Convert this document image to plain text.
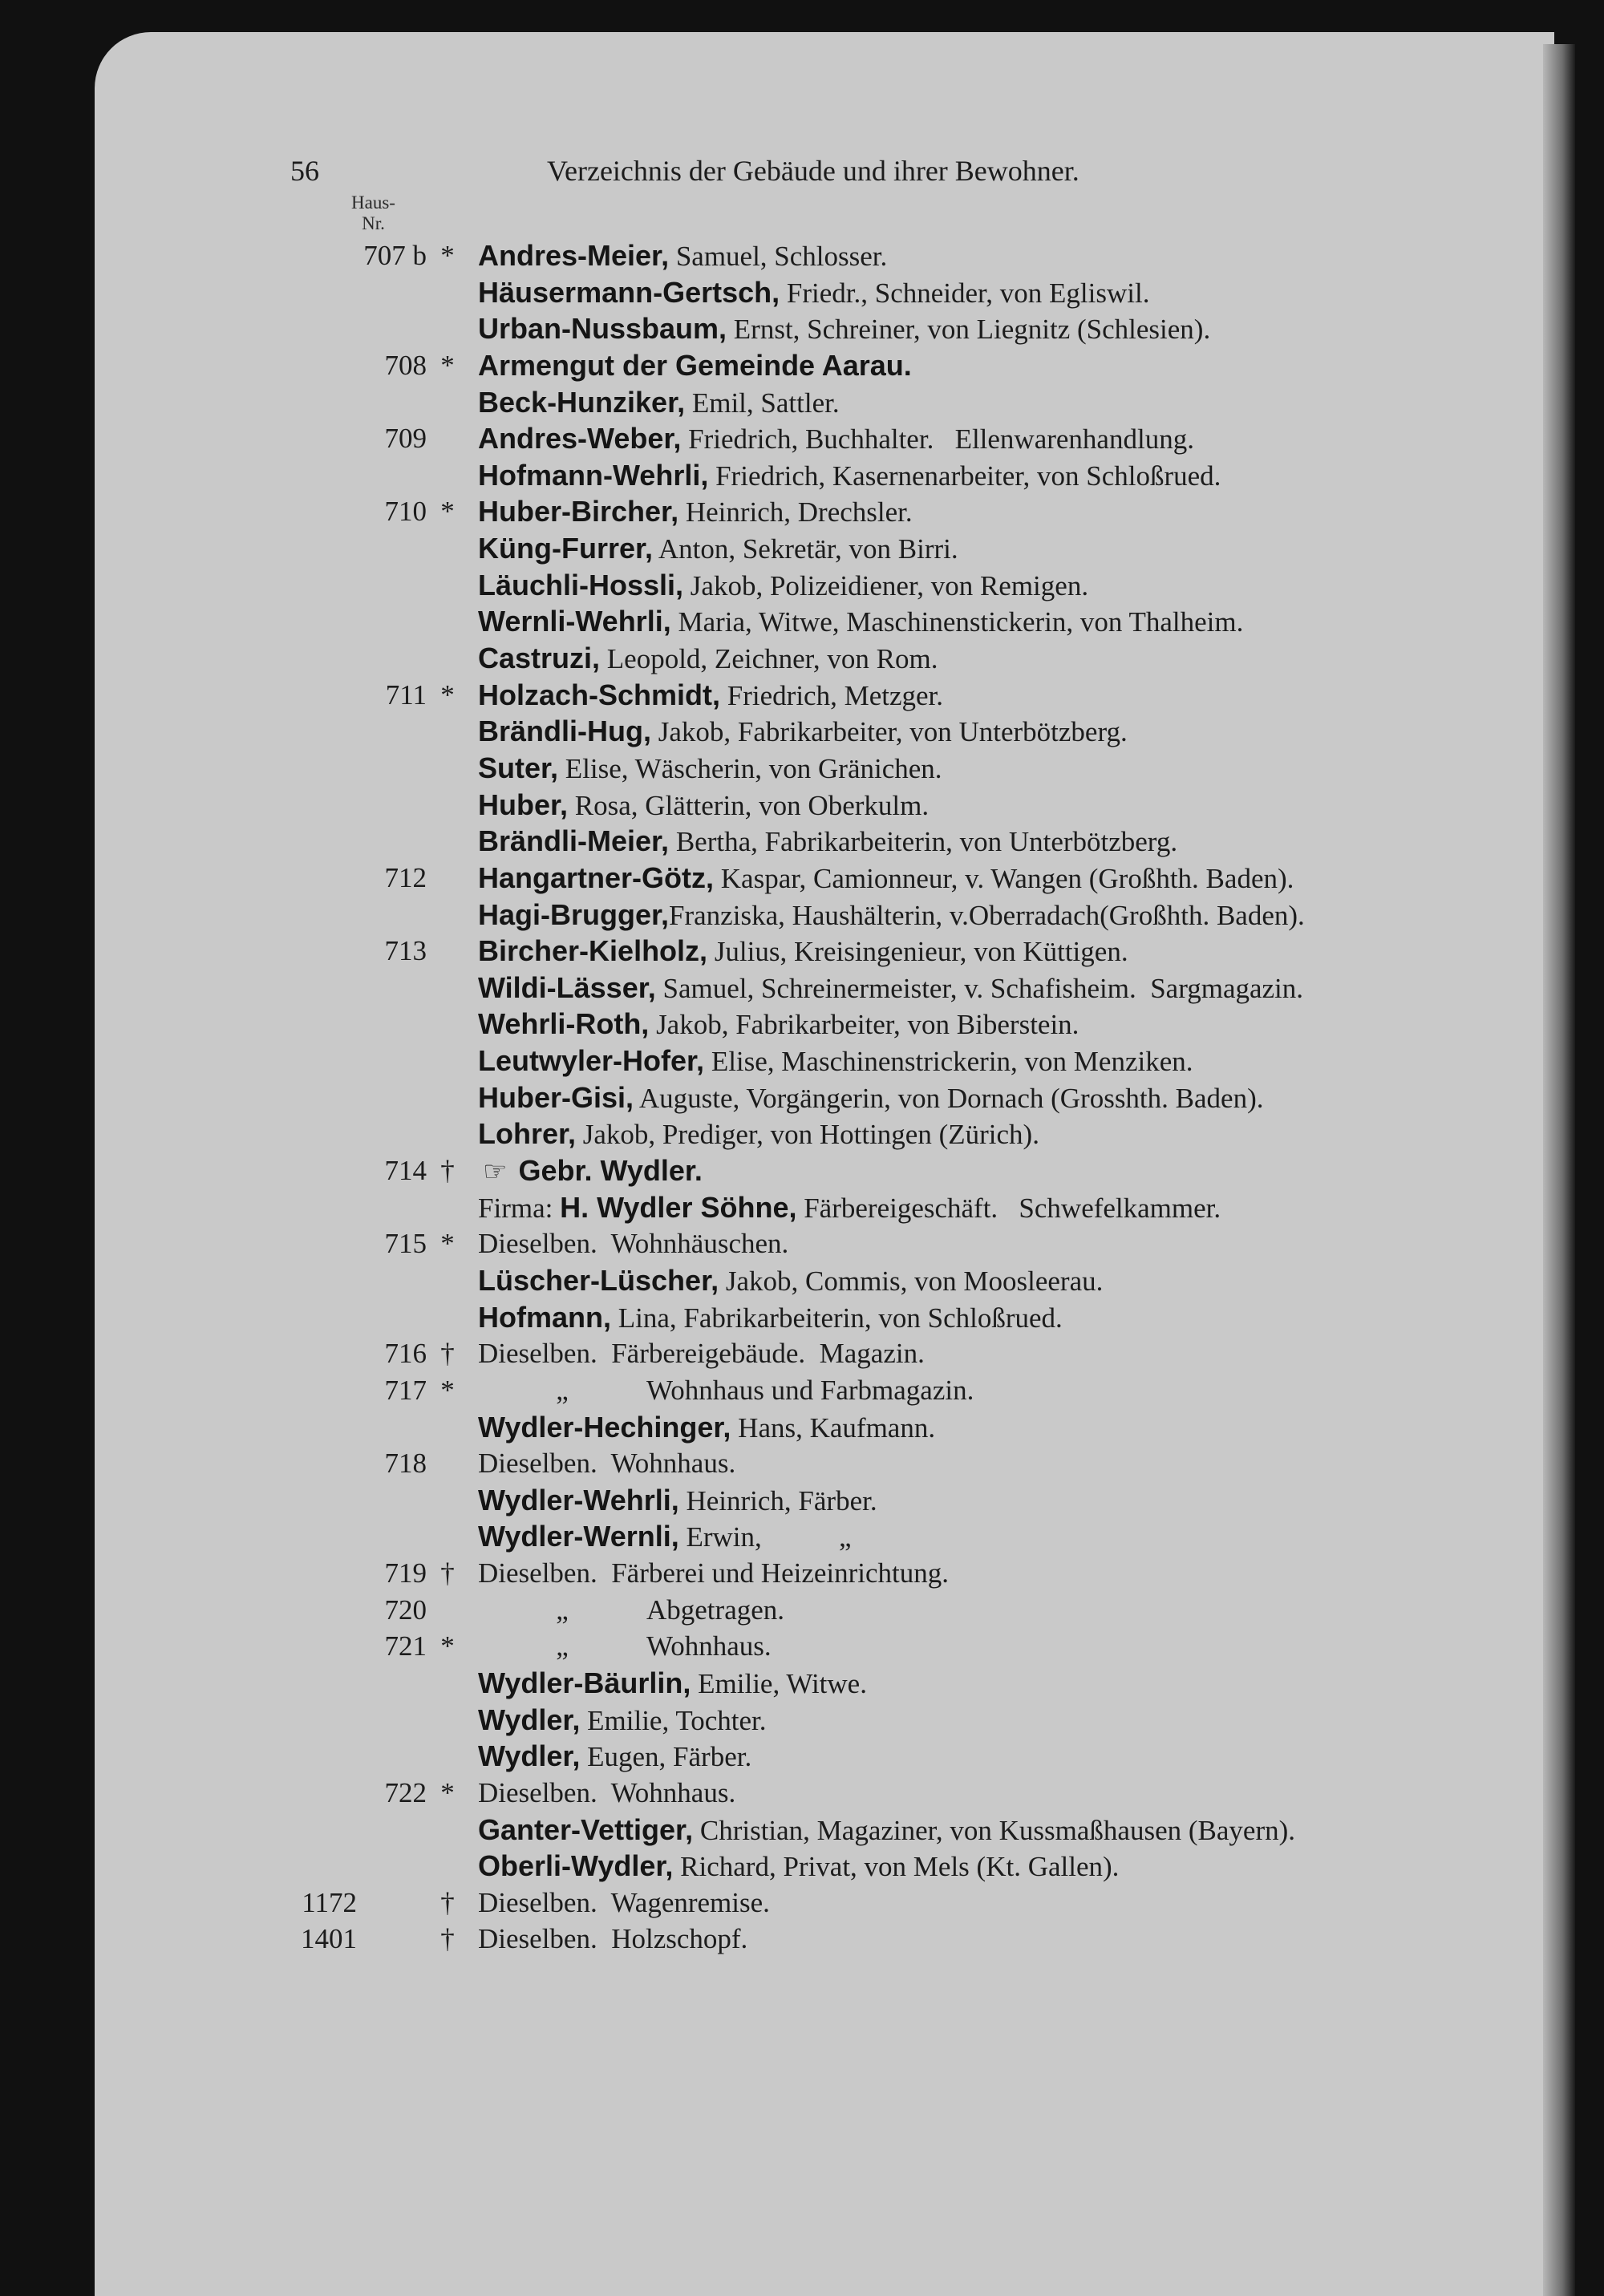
56	Verzeichnis der Gebäude und ihrer Bewohner.
Haus-
Nr.
707 b * Andres-Meier, Samuel, Schlosser.
Häusermann-Gertsch, Friedr., Schneider, von Egliswil.
Urban-Nussbaum, Ernst, Schreiner, von Liegnitz (Schlesien).
708 * Armengut der Gemeinde Aarau.
Beck-Hunziker, Emil, Sattler.
709 Andres-Weber, Friedrich, Buchhalter.   Ellenwarenhandlung.
Hofmann-Wehrli, Friedrich, Kasernenarbeiter, von Schloßrued.
710 * Huber-Bircher, Heinrich, Drechsler.
Küng-Furrer, Anton, Sekretär, von Birri.
Läuchli-Hossli, Jakob, Polizeidiener, von Remigen.
Wernli-Wehrli, Maria, Witwe, Maschinenstickerin, von Thalheim.
Castruzi, Leopold, Zeichner, von Rom.
711 * Holzach-Schmidt, Friedrich, Metzger.
Brändli-Hug, Jakob, Fabrikarbeiter, von Unterbötzberg.
Suter, Elise, Wäscherin, von Gränichen.
Huber, Rosa, Glätterin, von Oberkulm.
Brändli-Meier, Bertha, Fabrikarbeiterin, von Unterbötzberg.
712 Hangartner-Götz, Kaspar, Camionneur, v. Wangen (Großhth. Baden).
Hagi-Brugger,Franziska, Haushälterin, v.Oberradach(Großhth. Baden).
713 Bircher-Kielholz, Julius, Kreisingenieur, von Küttigen.
Wildi-Lässer, Samuel, Schreinermeister, v. Schafisheim.  Sargmagazin.
Wehrli-Roth, Jakob, Fabrikarbeiter, von Biberstein.
Leutwyler-Hofer, Elise, Maschinenstrickerin, von Menziken.
Huber-Gisi, Auguste, Vorgängerin, von Dornach (Grosshth. Baden).
Lohrer, Jakob, Prediger, von Hottingen (Zürich).
714 † ☞ Gebr. Wydler.
Firma: H. Wydler Söhne, Färbereigeschäft.   Schwefelkammer.
715 * Dieselben.  Wohnhäuschen.
Lüscher-Lüscher, Jakob, Commis, von Moosleerau.
Hofmann, Lina, Fabrikarbeiterin, von Schloßrued.
716 † Dieselben.  Färbereigebäude.  Magazin.
717 *	„	Wohnhaus und Farbmagazin.
Wydler-Hechinger, Hans, Kaufmann.
718 Dieselben.  Wohnhaus.
Wydler-Wehrli, Heinrich, Färber.
Wydler-Wernli, Erwin,           „
719 † Dieselben.  Färberei und Heizeinrichtung.
720	„	Abgetragen.
721 *	„	Wohnhaus.
Wydler-Bäurlin, Emilie, Witwe.
Wydler, Emilie, Tochter.
Wydler, Eugen, Färber.
722 * Dieselben.  Wohnhaus.
Ganter-Vettiger, Christian, Magaziner, von Kussmaßhausen (Bayern).
Oberli-Wydler, Richard, Privat, von Mels (Kt. Gallen).
1172	† Dieselben.  Wagenremise.
1401	† Dieselben.  Holzschopf.
